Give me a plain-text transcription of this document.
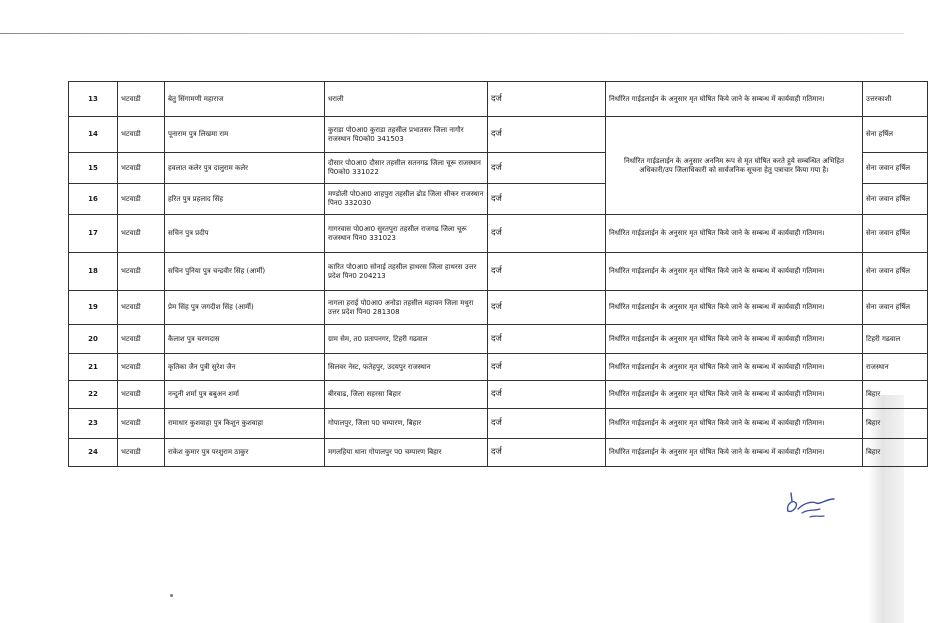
13	भटवाडी	बेतु सिंगामणी महाराज	धराली	दर्ज	निर्धारित गाईडलाईन के अनुसार मृत घोषित किये जाने के सम्बन्ध में कार्यवाही गतिमान।	उत्तरकाशी
14	भटवाडी	पूनाराम पुत्र लिखमा राम	कुराडा पो0आ0 कुराडा तहसील प्रभातसर जिला नागौर राजस्थान पि0को0 341503	दर्ज	निर्धारित गाईडलाईन के अनुसार अननिम रूप से मृत घोषित करते हुये सम्बन्धित अभिहित अधिकारी/उप जिलाधिकारी को सार्वजनिक सूचना हेतु पत्राचार किया गया है।	सेना हर्षिल
15	भटवाडी	हवलात कलेर पुत्र दालुराम कलेर	दौसार पो0आ0 दौसार तहसील सतनगढ जिला चूरू राजस्थान पि0को0 331022	दर्ज		सेना जवान हर्षिल
16	भटवाडी	हरित पुत्र प्रहलाद सिंह	मण्डोली पो0आ0 शाहपुरा तहसील ढोड जिला सीकर राजस्थान पिन0 332030	दर्ज		सेना जवान हर्षिल
17	भटवाडी	सचिन पुत्र प्रदीप	गागरवास पो0आ0 सुरतपुरा तहसील राजगढ जिला चूरू राजस्थान पिन0 331023	दर्ज	निर्धारित गाईडलाईन के अनुसार मृत घोषित किये जाने के सम्बन्ध में कार्यवाही गतिमान।	सेना जवान हर्षिल
18	भटवाडी	सचिन पुनिया पुत्र चन्द्रवीर सिंह (आर्मी)	कारित पो0आ0 सोनाई तहसील हाथरस जिला हाथरस उत्तर प्रदेश पिन0 204213	दर्ज	निर्धारित गाईडलाईन के अनुसार मृत घोषित किये जाने के सम्बन्ध में कार्यवाही गतिमान।	सेना जवान हर्षिल
19	भटवाडी	प्रेम सिंह पुत्र जगदीश सिंह (आर्मी)	नागला हराई पो0आ0 अनोडा तहसील महावन जिला मथुरा उत्तर प्रदेश पिन0 281308	दर्ज	निर्धारित गाईडलाईन के अनुसार मृत घोषित किये जाने के सम्बन्ध में कार्यवाही गतिमान।	सेना जवान हर्षिल
20	भटवाडी	कैलाश पुत्र चरणदास	ग्राम सेम, त0 प्रतापनगर, टिहरी गढवाल	दर्ज	निर्धारित गाईडलाईन के अनुसार मृत घोषित किये जाने के सम्बन्ध में कार्यवाही गतिमान।	टिहरी गढवाल
21	भटवाडी	कृतिका जैन पुत्री सुरेश जैन	सिलवर नेस्ट, फतेहपुर, उदयपुर राजस्थान	दर्ज	निर्धारित गाईडलाईन के अनुसार मृत घोषित किये जाने के सम्बन्ध में कार्यवाही गतिमान।	राजस्थान
22	भटवाडी	नन्दुनी शर्मा पुत्र बबुअन शर्मा	बीरवाढ, जिला सहरसा बिहार	दर्ज	निर्धारित गाईडलाईन के अनुसार मृत घोषित किये जाने के सम्बन्ध में कार्यवाही गतिमान।	बिहार
23	भटवाडी	रामाधार कुशवाहा पुत्र किशुन कुशवाहा	गोपालपुर, जिला प0 चम्पारण, बिहार	दर्ज	निर्धारित गाईडलाईन के अनुसार मृत घोषित किये जाने के सम्बन्ध में कार्यवाही गतिमान।	बिहार
24	भटवाडी	राकेश कुमार पुत्र परशुराम ठाकुर	मगलहिया थाना गोपालपुर प0 चम्पारण बिहार	दर्ज	निर्धारित गाईडलाईन के अनुसार मृत घोषित किये जाने के सम्बन्ध में कार्यवाही गतिमान।	बिहार
